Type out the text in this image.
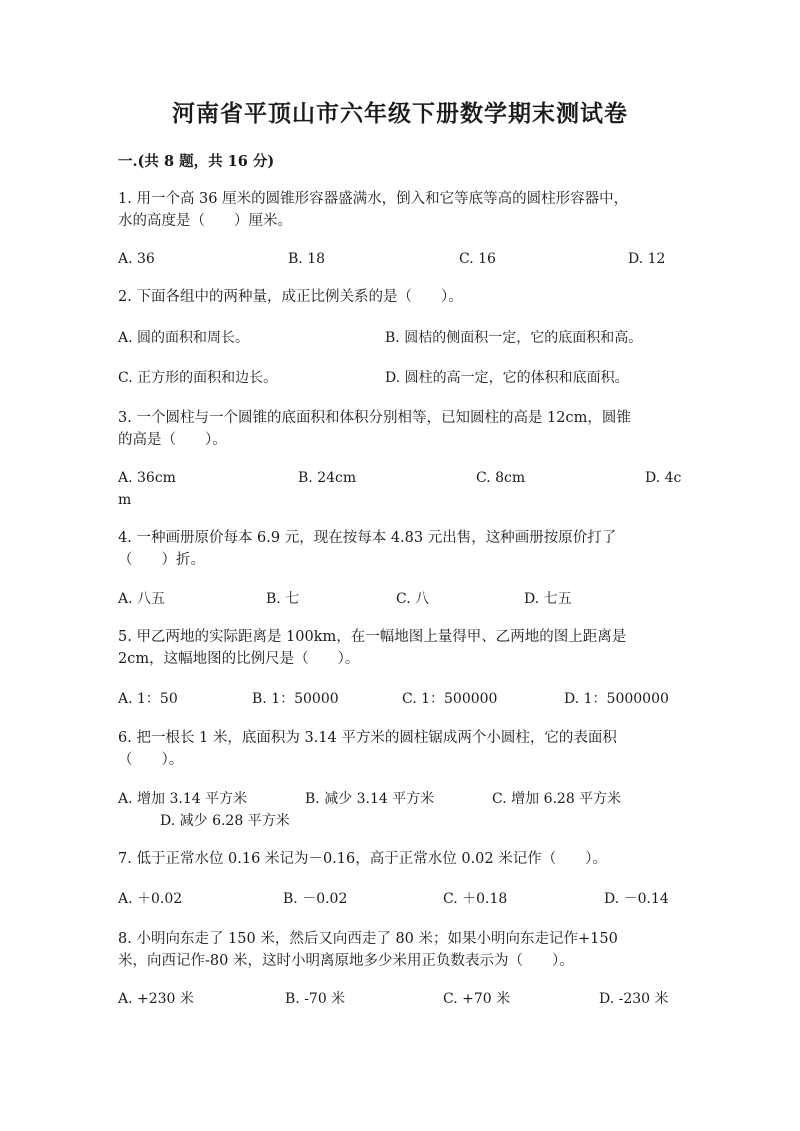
河南省平顶山市六年级下册数学期末测试卷
一.(共 8 题，共 16 分)
1. 用一个高 36 厘米的圆锥形容器盛满水，倒入和它等底等高的圆柱形容器中，
水的高度是（　　）厘米。
A. 36	B. 18	C. 16	D. 12
2. 下面各组中的两种量，成正比例关系的是（　　）。
A. 圆的面积和周长。	B. 圆桔的侧面积一定，它的底面积和高。
C. 正方形的面积和边长。	D. 圆柱的高一定，它的体积和底面积。
3. 一个圆柱与一个圆锥的底面积和体积分别相等，已知圆柱的高是 12cm，圆锥
的高是（　　）。
A. 36cm	B. 24cm	C. 8cm	D. 4c
m
4. 一种画册原价每本 6.9 元，现在按每本 4.83 元出售，这种画册按原价打了
（　　）折。
A. 八五	B. 七	C. 八	D. 七五
5. 甲乙两地的实际距离是 100km，在一幅地图上量得甲、乙两地的图上距离是
2cm，这幅地图的比例尺是（　　）。
A. 1：50	B. 1：50000	C. 1：500000	D. 1：5000000
6. 把一根长 1 米，底面积为 3.14 平方米的圆柱锯成两个小圆柱，它的表面积
（　　）。
A. 增加 3.14 平方米	B. 减少 3.14 平方米	C. 增加 6.28 平方米
D. 减少 6.28 平方米
7. 低于正常水位 0.16 米记为－0.16，高于正常水位 0.02 米记作（　　）。
A. ＋0.02	B. －0.02	C. ＋0.18	D. －0.14
8. 小明向东走了 150 米，然后又向西走了 80 米；如果小明向东走记作+150
米，向西记作-80 米，这时小明离原地多少米用正负数表示为（　　）。
A. +230 米	B. -70 米	C. +70 米	D. -230 米
